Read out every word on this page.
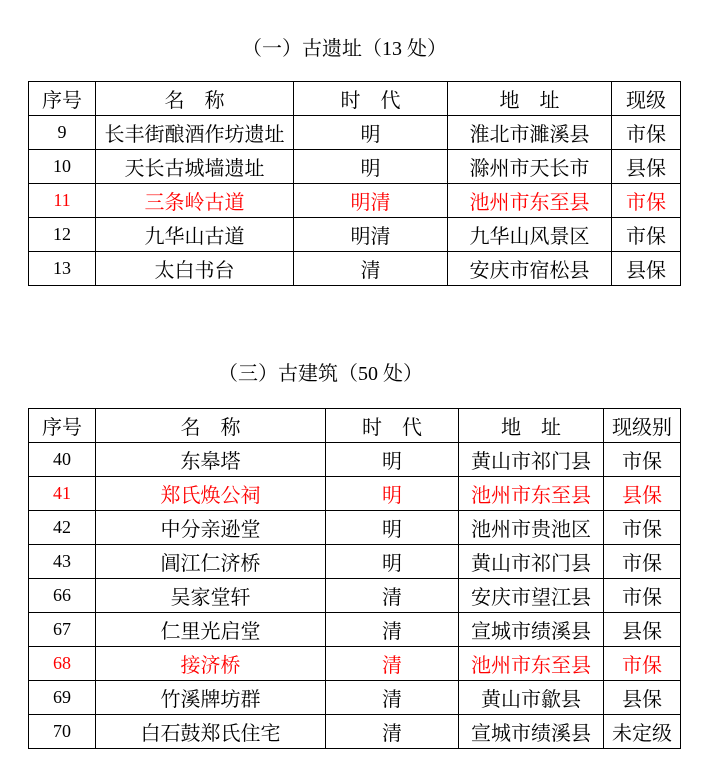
（一）古遗址（13 处）
序号	名　称	时　代	地　址	现级
9	长丰街酿酒作坊遗址	明	淮北市濉溪县	市保
10	天长古城墙遗址	明	滁州市天长市	县保
11	三条岭古道	明清	池州市东至县	市保
12	九华山古道	明清	九华山风景区	市保
13	太白书台	清	安庆市宿松县	县保
（三）古建筑（50 处）
序号	名　称	时　代	地　址	现级别
40	东皋塔	明	黄山市祁门县	市保
41	郑氏焕公祠	明	池州市东至县	县保
42	中分亲逊堂	明	池州市贵池区	市保
43	阊江仁济桥	明	黄山市祁门县	市保
66	吴家堂轩	清	安庆市望江县	市保
67	仁里光启堂	清	宣城市绩溪县	县保
68	接济桥	清	池州市东至县	市保
69	竹溪牌坊群	清	黄山市歙县	县保
70	白石鼓郑氏住宅	清	宣城市绩溪县	未定级
